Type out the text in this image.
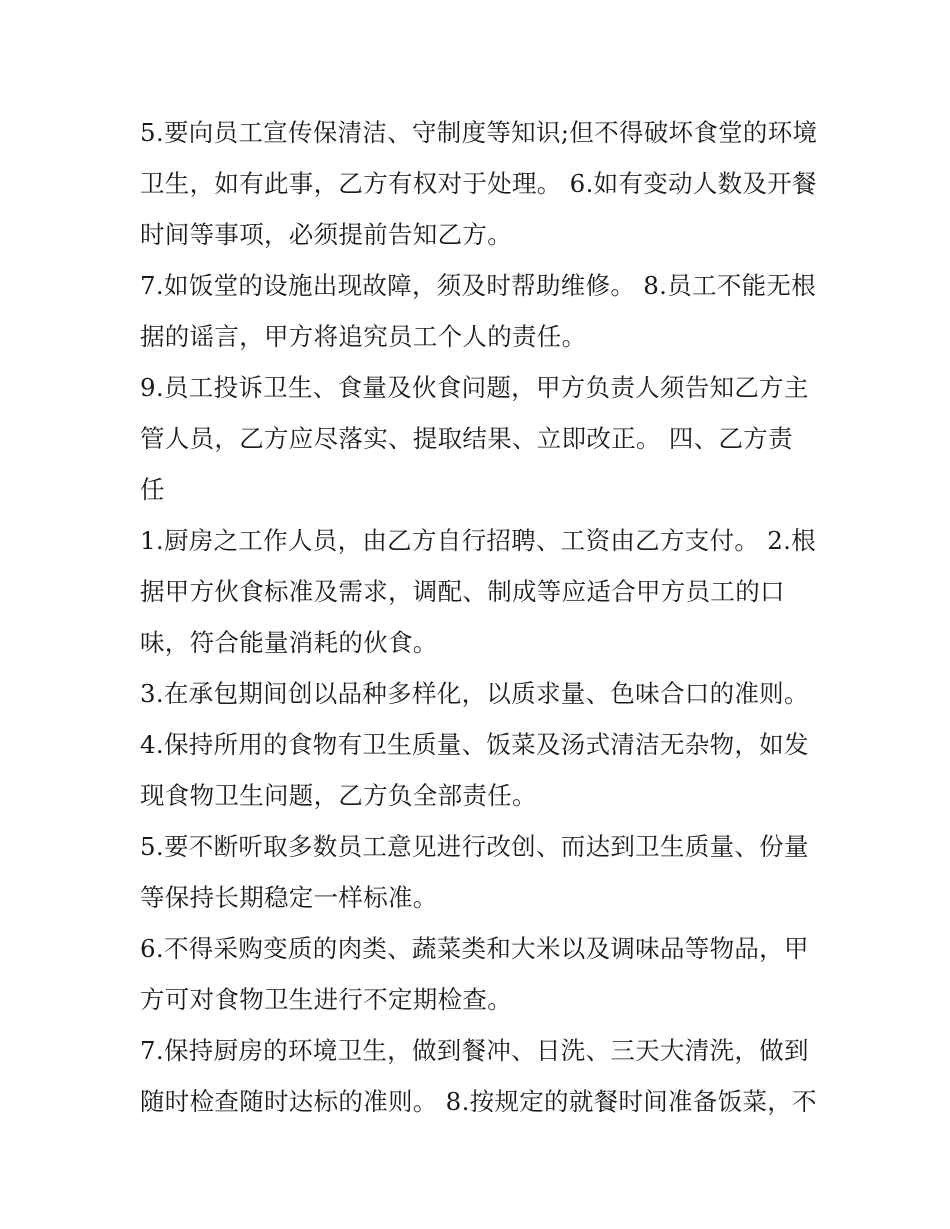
5.要向员工宣传保清洁、守制度等知识;但不得破坏食堂的环境
卫生，如有此事，乙方有权对于处理。 6.如有变动人数及开餐
时间等事项，必须提前告知乙方。
7.如饭堂的设施出现故障，须及时帮助维修。 8.员工不能无根
据的谣言，甲方将追究员工个人的责任。
9.员工投诉卫生、食量及伙食问题，甲方负责人须告知乙方主
管人员，乙方应尽落实、提取结果、立即改正。 四、乙方责
任
1.厨房之工作人员，由乙方自行招聘、工资由乙方支付。 2.根
据甲方伙食标准及需求，调配、制成等应适合甲方员工的口
味，符合能量消耗的伙食。
3.在承包期间创以品种多样化，以质求量、色味合口的准则。
4.保持所用的食物有卫生质量、饭菜及汤式清洁无杂物，如发
现食物卫生问题，乙方负全部责任。
5.要不断听取多数员工意见进行改创、而达到卫生质量、份量
等保持长期稳定一样标准。
6.不得采购变质的肉类、蔬菜类和大米以及调味品等物品，甲
方可对食物卫生进行不定期检查。
7.保持厨房的环境卫生，做到餐冲、日洗、三天大清洗，做到
随时检查随时达标的准则。 8.按规定的就餐时间准备饭菜，不
